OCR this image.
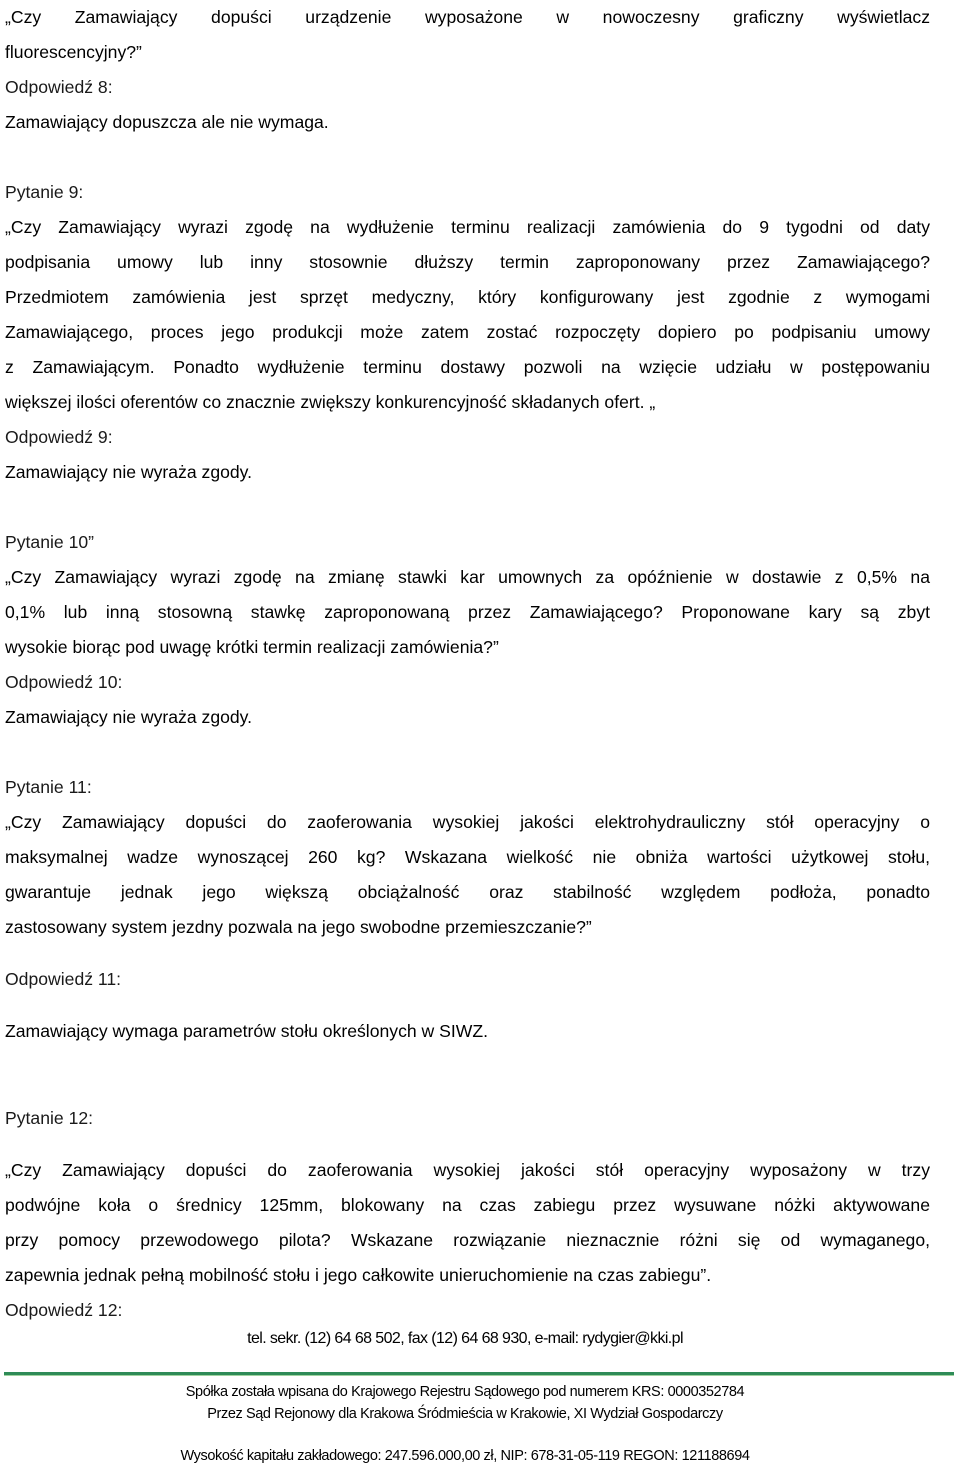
„Czy Zamawiający dopuści urządzenie wyposażone w nowoczesny graficzny wyświetlacz
fluorescencyjny?”
Odpowiedź 8:
Zamawiający dopuszcza ale nie wymaga.
Pytanie 9:
„Czy Zamawiający wyrazi zgodę na wydłużenie terminu realizacji zamówienia do 9 tygodni od daty
podpisania umowy lub inny stosownie dłuższy termin zaproponowany przez Zamawiającego?
Przedmiotem zamówienia jest sprzęt medyczny, który konfigurowany jest zgodnie z wymogami
Zamawiającego, proces jego produkcji może zatem zostać rozpoczęty dopiero po podpisaniu umowy
z Zamawiającym. Ponadto wydłużenie terminu dostawy pozwoli na wzięcie udziału w postępowaniu
większej ilości oferentów co znacznie zwiększy konkurencyjność składanych ofert. „
Odpowiedź 9:
Zamawiający nie wyraża zgody.
Pytanie 10”
„Czy Zamawiający wyrazi zgodę na zmianę stawki kar umownych za opóźnienie w dostawie z 0,5% na
0,1% lub inną stosowną stawkę zaproponowaną przez Zamawiającego? Proponowane kary są zbyt
wysokie biorąc pod uwagę krótki termin realizacji zamówienia?”
Odpowiedź 10:
Zamawiający nie wyraża zgody.
Pytanie 11:
„Czy Zamawiający dopuści do zaoferowania wysokiej jakości elektrohydrauliczny stół operacyjny o
maksymalnej wadze wynoszącej 260 kg? Wskazana wielkość nie obniża wartości użytkowej stołu,
gwarantuje jednak jego większą obciążalność oraz stabilność względem podłoża, ponadto
zastosowany system jezdny pozwala na jego swobodne przemieszczanie?”
Odpowiedź 11:
Zamawiający wymaga parametrów stołu określonych w SIWZ.
Pytanie 12:
„Czy Zamawiający dopuści do zaoferowania wysokiej jakości stół operacyjny wyposażony w trzy
podwójne koła o średnicy 125mm, blokowany na czas zabiegu przez wysuwane nóżki aktywowane
przy pomocy przewodowego pilota? Wskazane rozwiązanie nieznacznie różni się od wymaganego,
zapewnia jednak pełną mobilność stołu i jego całkowite unieruchomienie na czas zabiegu”.
Odpowiedź 12:
tel. sekr. (12) 64 68 502, fax (12) 64 68 930, e-mail: rydygier@kki.pl
Spółka została wpisana do Krajowego Rejestru Sądowego pod numerem KRS: 0000352784
Przez Sąd Rejonowy dla Krakowa Śródmieścia w Krakowie, XI Wydział Gospodarczy
Wysokość kapitału zakładowego: 247.596.000,00 zł, NIP: 678-31-05-119 REGON: 121188694
